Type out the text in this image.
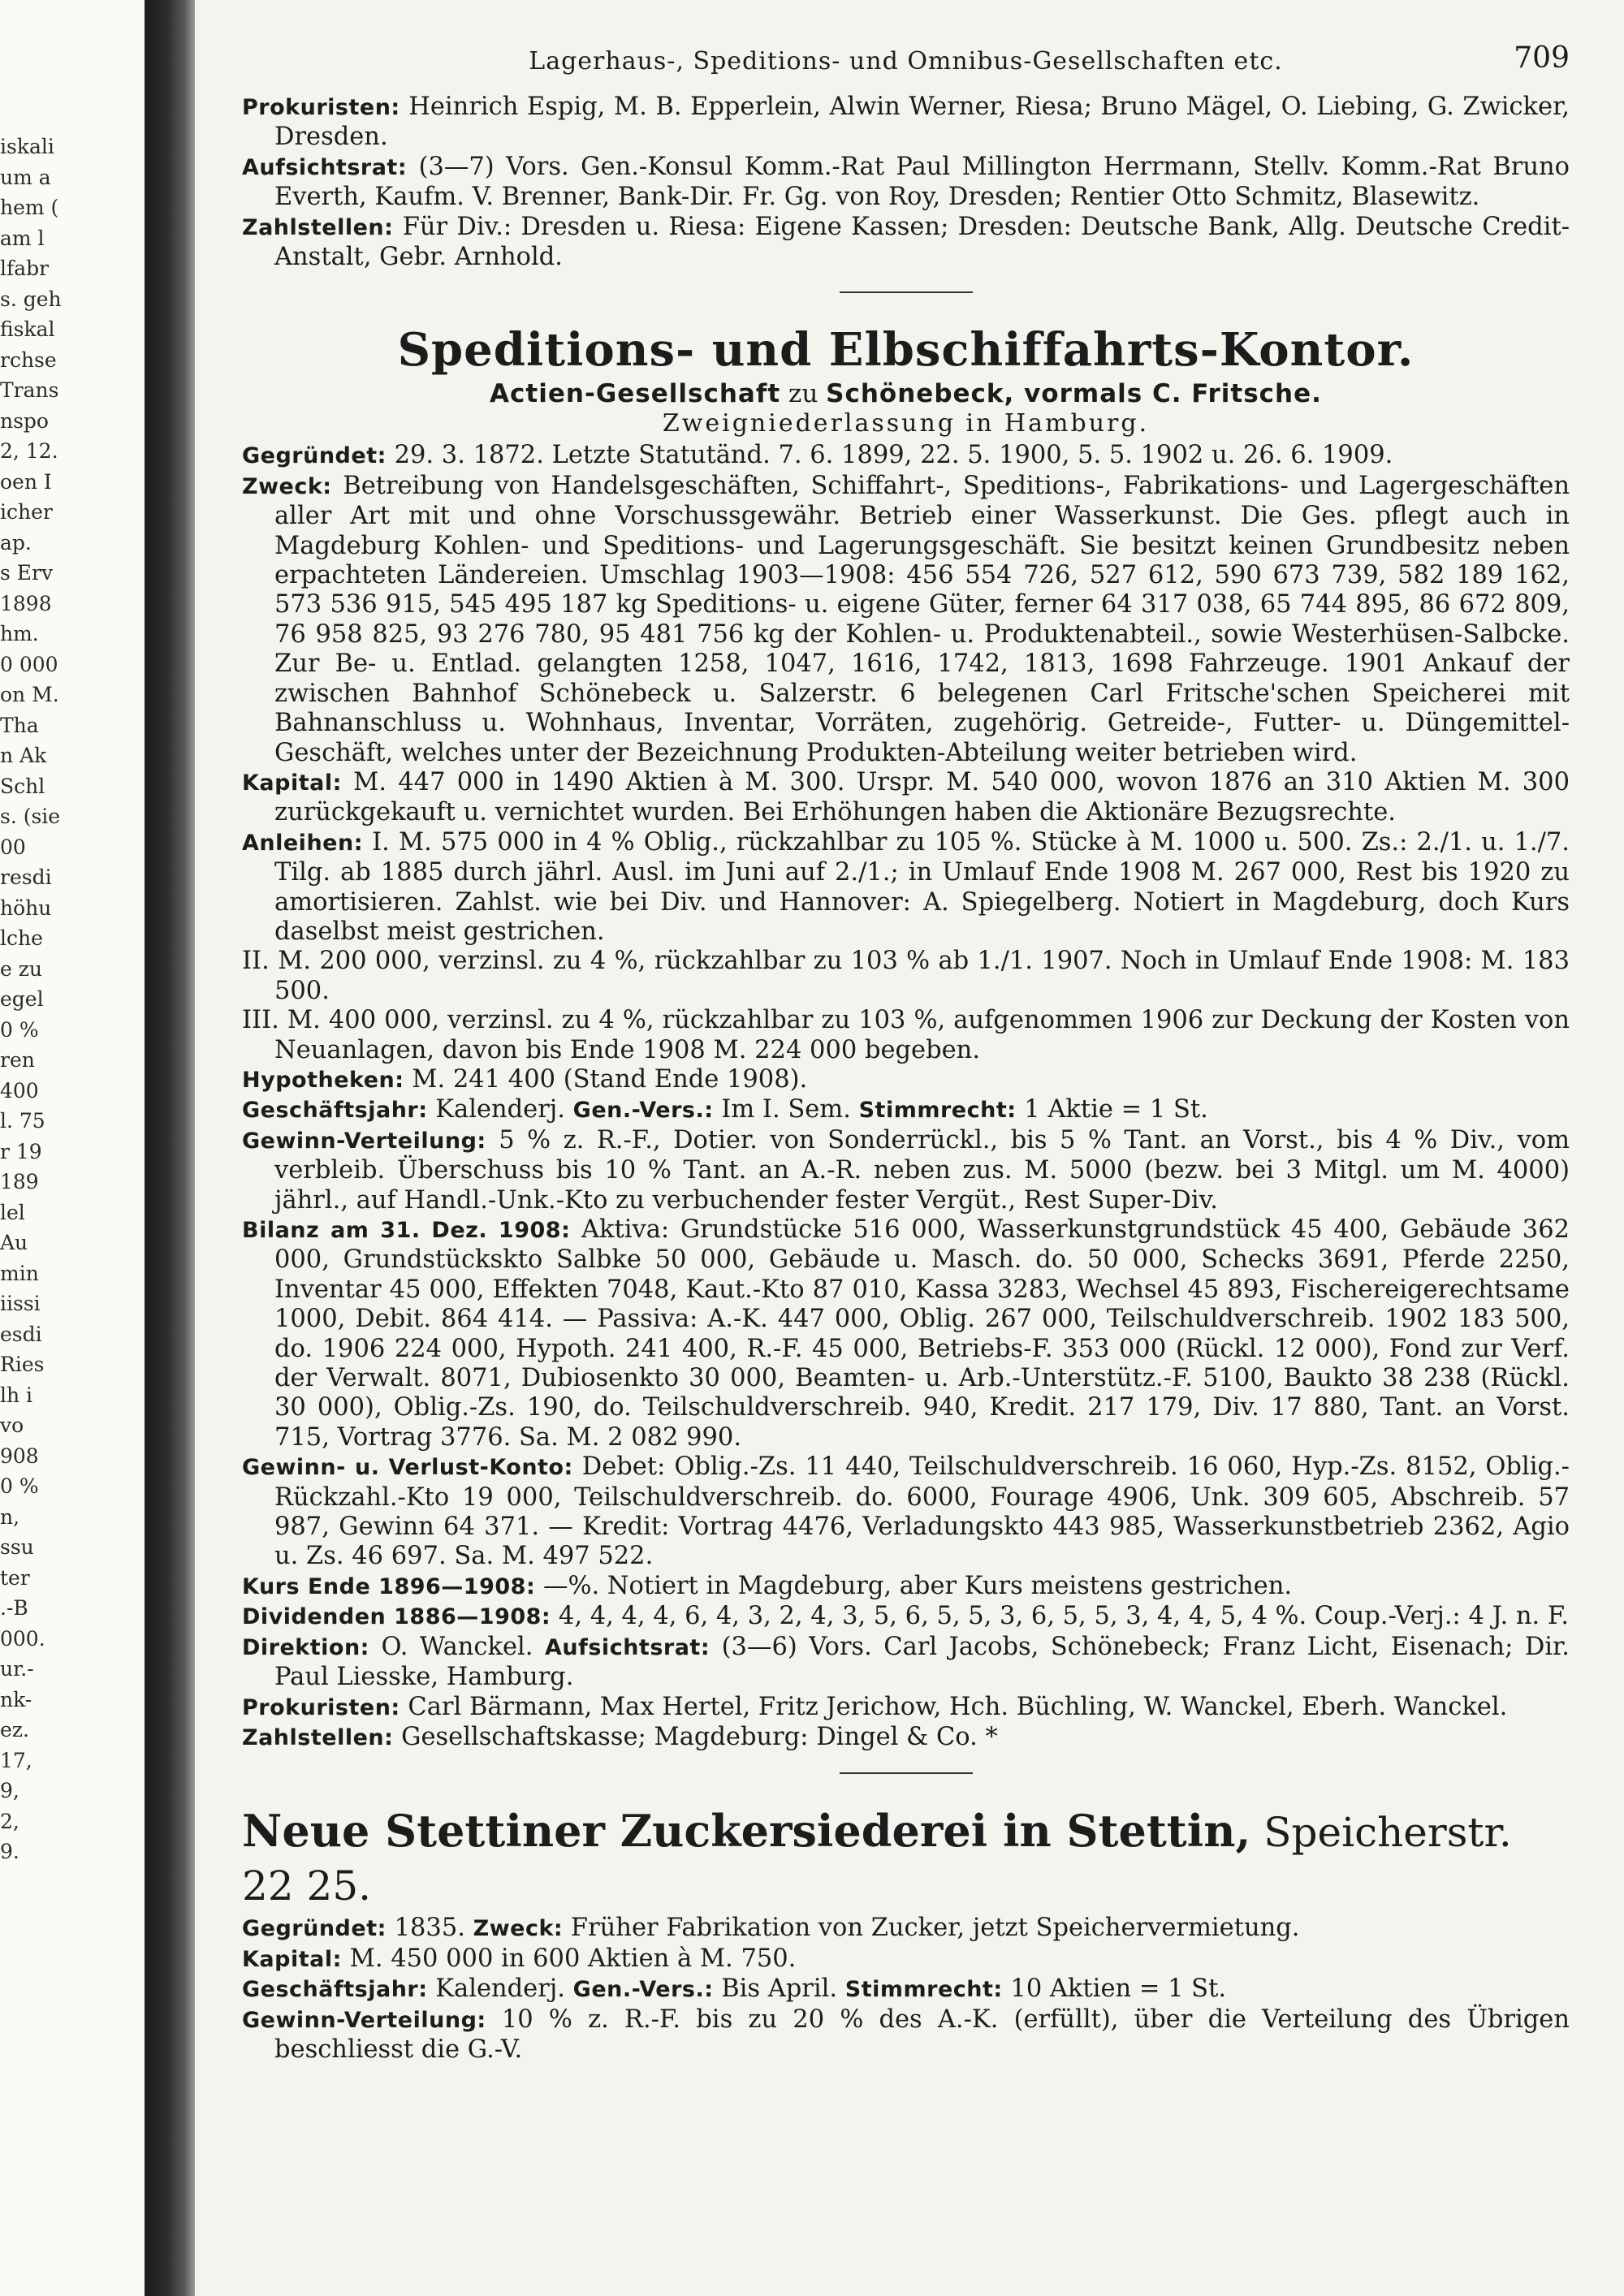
iskali
um a
hem (
am l
lfabr
s. geh
fiskal
rchse
Trans
nspo
2, 12.
oen I
icher
ap.
s Erv
1898
hm.
0 000
on M.
Tha
n Ak
Schl
s. (sie
00
resdi
höhu
lche
e zu
egel
0 %
ren
400
l. 75
r 19
189
lel
Au
min
iissi
esdi
Ries
lh i
vo
908
0 %
n,
ssu
ter
.-B
000.
ur.-
nk-
ez.
17,
9,
2,
9.
Lagerhaus-, Speditions- und Omnibus-Gesellschaften etc.	709

Prokuristen: Heinrich Espig, M. B. Epperlein, Alwin Werner, Riesa; Bruno Mägel, O. Liebing, G. Zwicker, Dresden.

Aufsichtsrat: (3—7) Vors. Gen.-Konsul Komm.-Rat Paul Millington Herrmann, Stellv. Komm.-Rat Bruno Everth, Kaufm. V. Brenner, Bank-Dir. Fr. Gg. von Roy, Dresden; Rentier Otto Schmitz, Blasewitz.

Zahlstellen: Für Div.: Dresden u. Riesa: Eigene Kassen; Dresden: Deutsche Bank, Allg. Deutsche Credit-Anstalt, Gebr. Arnhold.

Speditions- und Elbschiffahrts-Kontor.
Actien-Gesellschaft zu Schönebeck, vormals C. Fritsche.
Zweigniederlassung in Hamburg.

Gegründet: 29. 3. 1872. Letzte Statutänd. 7. 6. 1899, 22. 5. 1900, 5. 5. 1902 u. 26. 6. 1909.

Zweck: Betreibung von Handelsgeschäften, Schiffahrt-, Speditions-, Fabrikations- und Lagergeschäften aller Art mit und ohne Vorschussgewähr. Betrieb einer Wasserkunst. Die Ges. pflegt auch in Magdeburg Kohlen- und Speditions- und Lagerungsgeschäft. Sie besitzt keinen Grundbesitz neben erpachteten Ländereien. Umschlag 1903—1908: 456 554 726, 527 612, 590 673 739, 582 189 162, 573 536 915, 545 495 187 kg Speditions- u. eigene Güter, ferner 64 317 038, 65 744 895, 86 672 809, 76 958 825, 93 276 780, 95 481 756 kg der Kohlen- u. Produktenabteil., sowie Westerhüsen-Salbcke. Zur Be- u. Entlad. gelangten 1258, 1047, 1616, 1742, 1813, 1698 Fahrzeuge. 1901 Ankauf der zwischen Bahnhof Schönebeck u. Salzerstr. 6 belegenen Carl Fritsche'schen Speicherei mit Bahnanschluss u. Wohnhaus, Inventar, Vorräten, zugehörig. Getreide-, Futter- u. Düngemittel-Geschäft, welches unter der Bezeichnung Produkten-Abteilung weiter betrieben wird.

Kapital: M. 447 000 in 1490 Aktien à M. 300. Urspr. M. 540 000, wovon 1876 an 310 Aktien M. 300 zurückgekauft u. vernichtet wurden. Bei Erhöhungen haben die Aktionäre Bezugsrechte.

Anleihen: I. M. 575 000 in 4 % Oblig., rückzahlbar zu 105 %. Stücke à M. 1000 u. 500. Zs.: 2./1. u. 1./7. Tilg. ab 1885 durch jährl. Ausl. im Juni auf 2./1.; in Umlauf Ende 1908 M. 267 000, Rest bis 1920 zu amortisieren. Zahlst. wie bei Div. und Hannover: A. Spiegelberg. Notiert in Magdeburg, doch Kurs daselbst meist gestrichen.

II. M. 200 000, verzinsl. zu 4 %, rückzahlbar zu 103 % ab 1./1. 1907. Noch in Umlauf Ende 1908: M. 183 500.

III. M. 400 000, verzinsl. zu 4 %, rückzahlbar zu 103 %, aufgenommen 1906 zur Deckung der Kosten von Neuanlagen, davon bis Ende 1908 M. 224 000 begeben.

Hypotheken: M. 241 400 (Stand Ende 1908).

Geschäftsjahr: Kalenderj. Gen.-Vers.: Im I. Sem. Stimmrecht: 1 Aktie = 1 St.

Gewinn-Verteilung: 5 % z. R.-F., Dotier. von Sonderrückl., bis 5 % Tant. an Vorst., bis 4 % Div., vom verbleib. Überschuss bis 10 % Tant. an A.-R. neben zus. M. 5000 (bezw. bei 3 Mitgl. um M. 4000) jährl., auf Handl.-Unk.-Kto zu verbuchender fester Vergüt., Rest Super-Div.

Bilanz am 31. Dez. 1908: Aktiva: Grundstücke 516 000, Wasserkunstgrundstück 45 400, Gebäude 362 000, Grundstücksktо Salbke 50 000, Gebäude u. Masch. do. 50 000, Schecks 3691, Pferde 2250, Inventar 45 000, Effekten 7048, Kaut.-Kto 87 010, Kassa 3283, Wechsel 45 893, Fischereigerechtsame 1000, Debit. 864 414. — Passiva: A.-K. 447 000, Oblig. 267 000, Teilschuldverschreib. 1902 183 500, do. 1906 224 000, Hypoth. 241 400, R.-F. 45 000, Betriebs-F. 353 000 (Rückl. 12 000), Fond zur Verf. der Verwalt. 8071, Dubiosenkto 30 000, Beamten- u. Arb.-Unterstütz.-F. 5100, Baukto 38 238 (Rückl. 30 000), Oblig.-Zs. 190, do. Teilschuldverschreib. 940, Kredit. 217 179, Div. 17 880, Tant. an Vorst. 715, Vortrag 3776. Sa. M. 2 082 990.

Gewinn- u. Verlust-Konto: Debet: Oblig.-Zs. 11 440, Teilschuldverschreib. 16 060, Hyp.-Zs. 8152, Oblig.-Rückzahl.-Kto 19 000, Teilschuldverschreib. do. 6000, Fourage 4906, Unk. 309 605, Abschreib. 57 987, Gewinn 64 371. — Kredit: Vortrag 4476, Verladungskto 443 985, Wasserkunstbetrieb 2362, Agio u. Zs. 46 697. Sa. M. 497 522.

Kurs Ende 1896—1908: —%. Notiert in Magdeburg, aber Kurs meistens gestrichen.

Dividenden 1886—1908: 4, 4, 4, 4, 6, 4, 3, 2, 4, 3, 5, 6, 5, 5, 3, 6, 5, 5, 3, 4, 4, 5, 4 %. Coup.-Verj.: 4 J. n. F.

Direktion: O. Wanckel. Aufsichtsrat: (3—6) Vors. Carl Jacobs, Schönebeck; Franz Licht, Eisenach; Dir. Paul Liesske, Hamburg.

Prokuristen: Carl Bärmann, Max Hertel, Fritz Jerichow, Hch. Büchling, W. Wanckel, Eberh. Wanckel.

Zahlstellen: Gesellschaftskasse; Magdeburg: Dingel & Co. *

Neue Stettiner Zuckersiederei in Stettin, Speicherstr. 22 25.

Gegründet: 1835. Zweck: Früher Fabrikation von Zucker, jetzt Speichervermietung.

Kapital: M. 450 000 in 600 Aktien à M. 750.

Geschäftsjahr: Kalenderj. Gen.-Vers.: Bis April. Stimmrecht: 10 Aktien = 1 St.

Gewinn-Verteilung: 10 % z. R.-F. bis zu 20 % des A.-K. (erfüllt), über die Verteilung des Übrigen beschliesst die G.-V.
